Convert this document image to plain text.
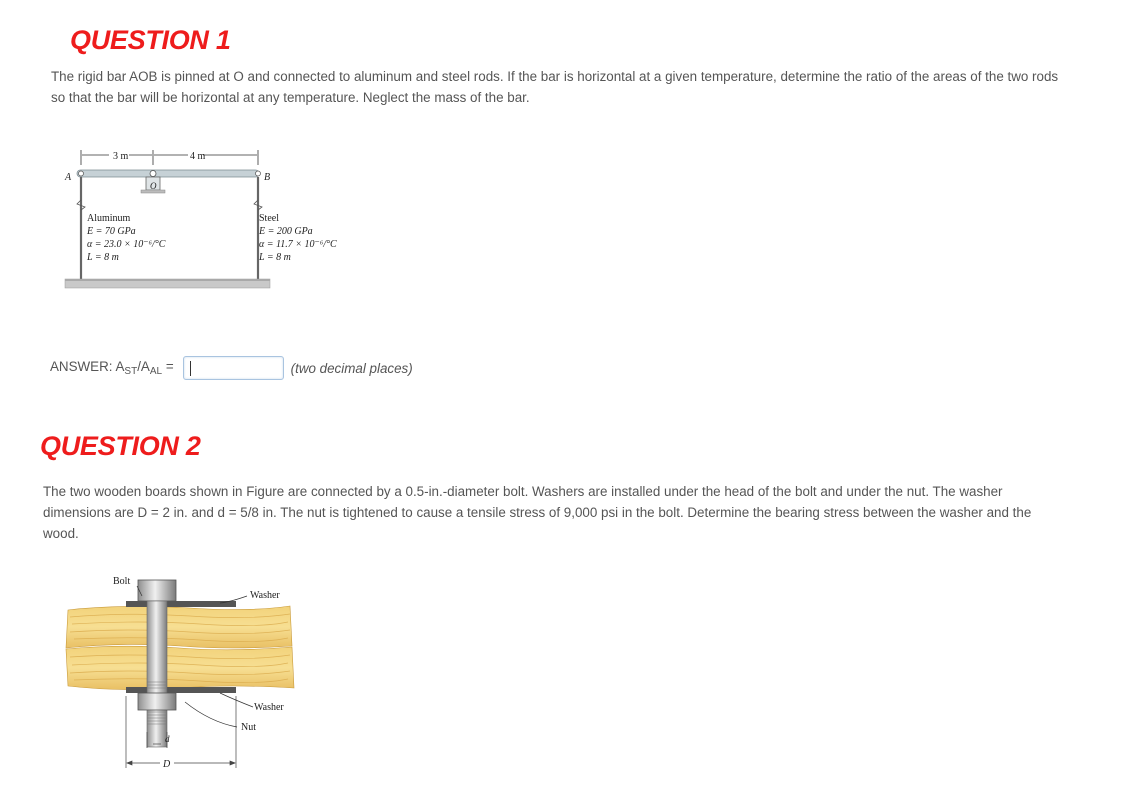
QUESTION 1

The rigid bar AOB is pinned at O and connected to aluminum and steel rods. If the bar is horizontal at a given temperature, determine the ratio of the areas of the two rods so that the bar will be horizontal at any temperature. Neglect the mass of the bar.

3 m	4 m
A	B
O
Aluminum
E = 70 GPa
α = 23.0 × 10⁻⁶/°C
L = 8 m
Steel
E = 200 GPa
α = 11.7 × 10⁻⁶/°C
L = 8 m
ANSWER: $A_{ST}/A_{AL}$ =	(two decimal places)
QUESTION 2

The two wooden boards shown in Figure are connected by a 0.5-in.-diameter bolt. Washers are installed under the head of the bolt and under the nut. The washer dimensions are D = 2 in. and d = 5/8 in. The nut is tightened to cause a tensile stress of 9,000 psi in the bolt. Determine the bearing stress between the washer and the wood.

Bolt
Washer
Washer
Nut
d
D
